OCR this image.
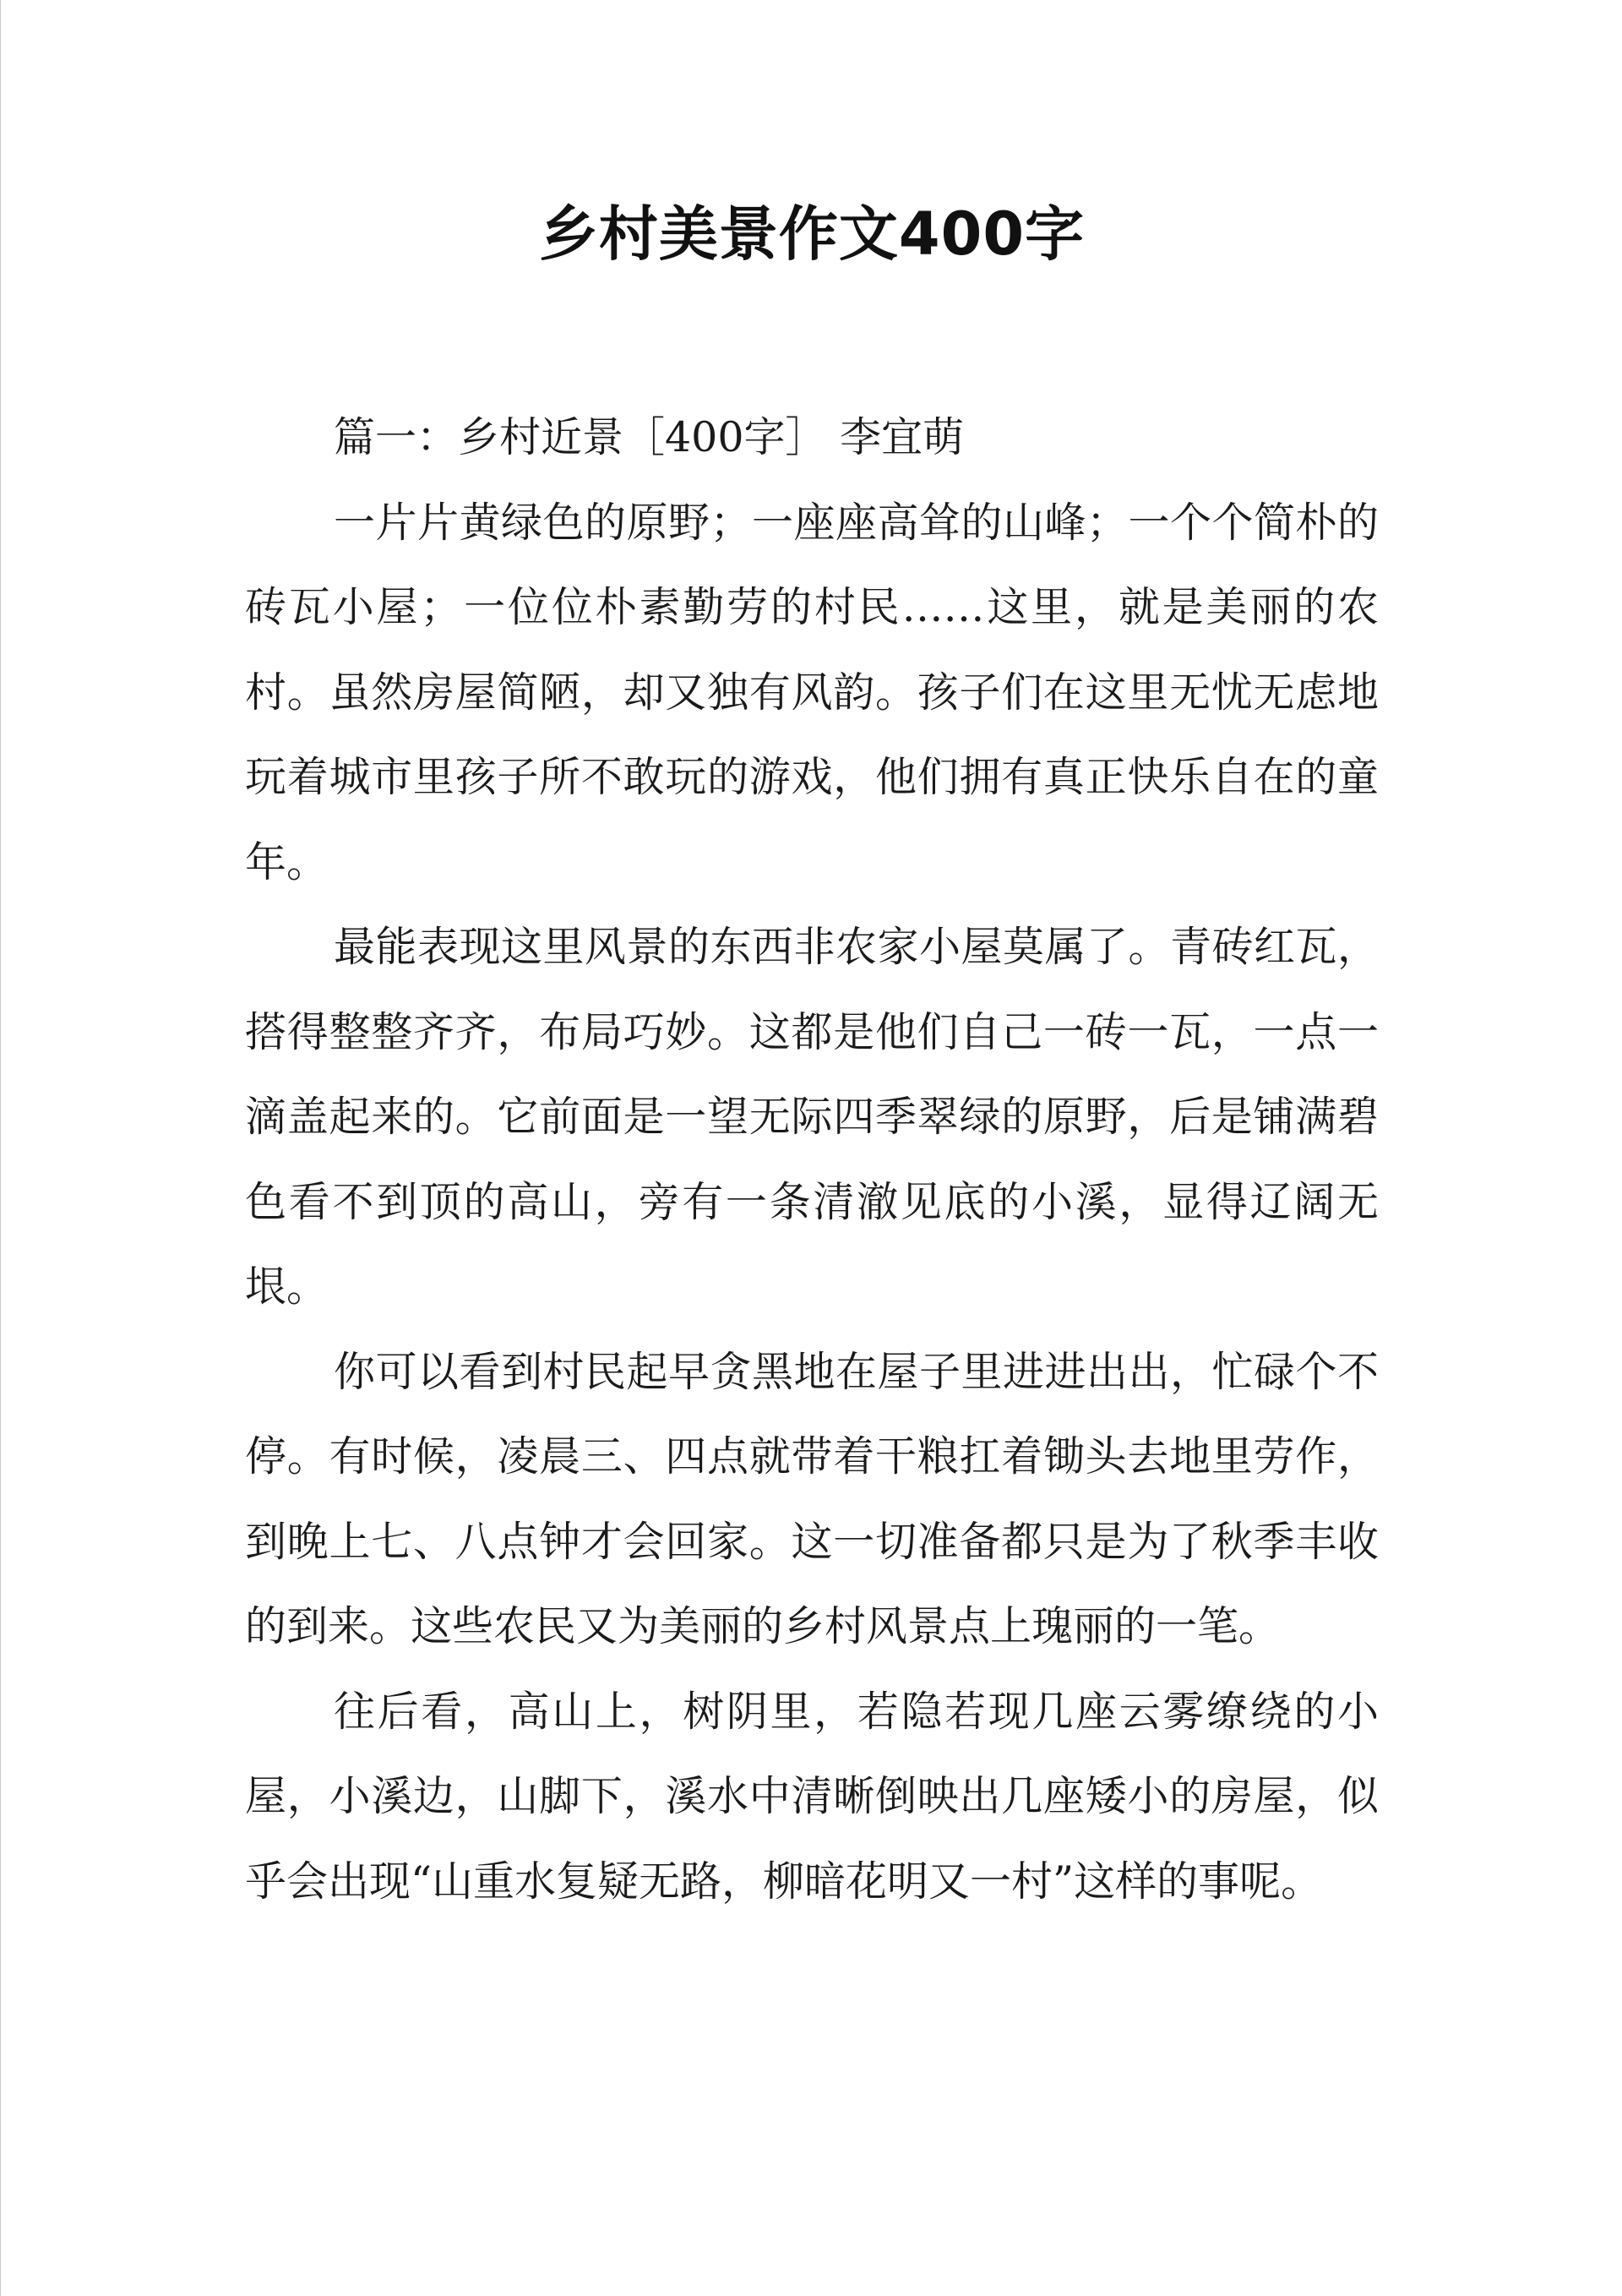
乡村美景作文400字

篇一：乡村近景［400字］ 李宜萌

一片片黄绿色的原野；一座座高耸的山峰；一个个简朴的砖瓦小屋；一位位朴素勤劳的村民……这里，就是美丽的农村。虽然房屋简陋，却又独有风韵。孩子们在这里无忧无虑地玩着城市里孩子所不敢玩的游戏，他们拥有真正快乐自在的童年。

最能表现这里风景的东西非农家小屋莫属了。青砖红瓦，搭得整整齐齐，布局巧妙。这都是他们自己一砖一瓦，一点一滴盖起来的。它前面是一望无际四季翠绿的原野，后是铺满碧色看不到顶的高山，旁有一条清澈见底的小溪，显得辽阔无垠。

你可以看到村民起早贪黑地在屋子里进进出出，忙碌个不停。有时候，凌晨三、四点就带着干粮扛着锄头去地里劳作，到晚上七、八点钟才会回家。这一切准备都只是为了秋季丰收的到来。这些农民又为美丽的乡村风景点上瑰丽的一笔。

往后看，高山上，树阴里，若隐若现几座云雾缭绕的小屋，小溪边，山脚下，溪水中清晰倒映出几座矮小的房屋，似乎会出现“山重水复疑无路，柳暗花明又一村”这样的事呢。
